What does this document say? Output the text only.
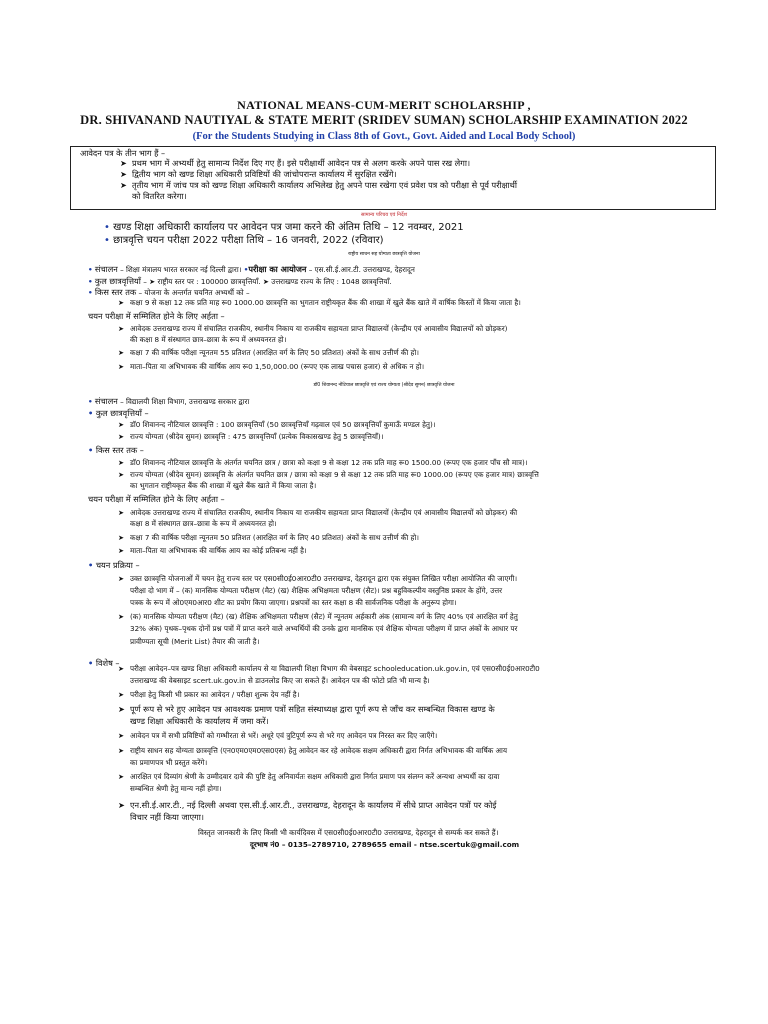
NATIONAL MEANS-CUM-MERIT SCHOLARSHIP ,
DR. SHIVANAND NAUTIYAL & STATE MERIT (SRIDEV SUMAN) SCHOLARSHIP EXAMINATION 2022
(For the Students Studying in Class 8th of Govt., Govt. Aided and Local Body School)
आवेदन पत्र के तीन भाग हैं –
➤ प्रथम भाग में अभ्यर्थी हेतु सामान्य निर्देश दिए गए हैं। इसे परीक्षार्थी आवेदन पत्र से अलग करके अपने पास रख लेगा।
➤ द्वितीय भाग को खण्ड शिक्षा अधिकारी प्रविष्टियों की जांचोपरान्त कार्यालय में सुरक्षित रखेंगे।
➤ तृतीय भाग में जांच पत्र को खण्ड शिक्षा अधिकारी कार्यालय अभिलेख हेतु अपने पास रखेगा एवं प्रवेश पत्र को परीक्षा से पूर्व परीक्षार्थी
को वितरित करेगा।
सामान्य परिचय एवं निर्देश
• खण्ड शिक्षा अधिकारी कार्यालय पर आवेदन पत्र जमा करने की अंतिम तिथि – 12 नवम्बर, 2021
• छात्रवृत्ति चयन परीक्षा 2022 परीक्षा तिथि – 16 जनवरी, 2022 (रविवार)
राष्ट्रीय साधन सह योग्यता छात्रवृत्ति योजना
• संचालन – शिक्षा मंत्रालय भारत सरकार नई दिल्ली द्वारा। •परीक्षा का आयोजन – एस.सी.ई.आर.टी. उत्तराखण्ड, देहरादून
• कुल छात्रवृत्तियाँ – ➤ राष्ट्रीय स्तर पर : 100000 छात्रवृत्तियाँ. ➤ उत्तराखण्ड राज्य के लिए : 1048 छात्रवृत्तियाँ.
• किस स्तर तक – योजना के अन्तर्गत चयनित अभ्यर्थी को –
➤ कक्षा 9 से कक्षा 12 तक प्रति माह रू0 1000.00 छात्रवृत्ति का भुगतान राष्ट्रीयकृत बैंक की शाखा में खुले बैंक खाते में वार्षिक किस्तों में किया जाता है।
चयन परीक्षा में सम्मिलित होने के लिए अर्हता –
➤ आवेदक उत्तराखण्ड राज्य में संचालित राजकीय, स्थानीय निकाय या राजकीय सहायता प्राप्त विद्यालयों (केन्द्रीय एवं आवासीय विद्यालयों को छोड़कर)
की कक्षा 8 में संस्थागत छात्र–छात्रा के रूप में अध्ययनरत हो।
➤ कक्षा 7 की वार्षिक परीक्षा न्यूनतम 55 प्रतिशत (आरक्षित वर्ग के लिए 50 प्रतिशत) अंकों के साथ उत्तीर्ण की हो।
➤ माता–पिता या अभिभावक की वार्षिक आय रू0 1,50,000.00 (रूपए एक लाख पचास हजार) से अधिक न हो।
डॉ0 शिवानन्द नौटियाल छात्रवृत्ति एवं राज्य योग्यता (श्रीदेव सुमन) छात्रवृत्ति योजना
• संचालन – विद्यालयी शिक्षा विभाग, उत्तराखण्ड सरकार द्वारा
• कुल छात्रवृत्तियाँ –
➤ डॉ0 शिवानन्द नौटियाल छात्रवृत्ति : 100 छात्रवृत्तियाँ (50 छात्रवृत्तियाँ गढ़वाल एवं 50 छात्रवृत्तियाँ कुमाऊँ मण्डल हेतु)।
➤ राज्य योग्यता (श्रीदेव सुमन) छात्रवृत्ति : 475 छात्रवृत्तियाँ (प्रत्येक विकासखण्ड हेतु 5 छात्रवृत्तियाँ)।
• किस स्तर तक –
➤ डॉ0 शिवानन्द नौटियाल छात्रवृत्ति के अंतर्गत चयनित छात्र / छात्रा को कक्षा 9 से कक्षा 12 तक प्रति माह रू0 1500.00 (रूपए एक हजार पाँच सौ मात्र)।
➤ राज्य योग्यता (श्रीदेव सुमन) छात्रवृत्ति के अंतर्गत चयनित छात्र / छात्रा को कक्षा 9 से कक्षा 12 तक प्रति माह रू0 1000.00 (रूपए एक हजार मात्र) छात्रवृत्ति
का भुगतान राष्ट्रीयकृत बैंक की शाखा में खुले बैंक खाते में किया जाता है।
चयन परीक्षा में सम्मिलित होने के लिए अर्हता –
➤ आवेदक उत्तराखण्ड राज्य में संचालित राजकीय, स्थानीय निकाय या राजकीय सहायता प्राप्त विद्यालयों (केन्द्रीय एवं आवासीय विद्यालयों को छोड़कर) की
कक्षा 8 में संस्थागत छात्र–छात्रा के रूप में अध्ययनरत हो।
➤ कक्षा 7 की वार्षिक परीक्षा न्यूनतम 50 प्रतिशत (आरक्षित वर्ग के लिए 40 प्रतिशत) अंकों के साथ उत्तीर्ण की हो।
➤ माता–पिता या अभिभावक की वार्षिक आय का कोई प्रतिबन्ध नहीं है।
• चयन प्रक्रिया –
➤ उक्त छात्रवृत्ति योजनाओं में चयन हेतु राज्य स्तर पर एस0सी0ई0आर0टी0 उत्तराखण्ड, देहरादून द्वारा एक संयुक्त लिखित परीक्षा आयोजित की जाएगी।
परीक्षा दो भाग में – (क) मानसिक योग्यता परीक्षण (मैट) (ख) शैक्षिक अभिक्षमता परीक्षण (सैट)। प्रश्न बहुविकल्पीय वस्तुनिष्ठ प्रकार के होंगे, उत्तर
पत्रक के रूप में ओ0एम0आर0 शीट का प्रयोग किया जाएगा। प्रश्नपत्रों का स्तर कक्षा 8 की सार्वजनिक परीक्षा के अनुरूप होगा।
➤ (क) मानसिक योग्यता परीक्षण (मैट) (ख) शैक्षिक अभिक्षमता परीक्षण (सैट) में न्यूनतम अर्हकारी अंक (सामान्य वर्ग के लिए 40% एवं आरक्षित वर्ग हेतु
32% अंक) पृथक–पृथक दोनों प्रश्न पत्रों में प्राप्त करने वाले अभ्यर्थियों की उनके द्वारा मानसिक एवं शैक्षिक योग्यता परीक्षण में प्राप्त अंकों के आधार पर
प्रावीण्यता सूची (Merit List) तैयार की जाती है।
• विशेष –
➤ परीक्षा आवेदन–पत्र खण्ड शिक्षा अधिकारी कार्यालय से या विद्यालयी शिक्षा विभाग की वेबसाइट schooleducation.uk.gov.in, एवं एस0सी0ई0आर0टी0
उत्तराखण्ड की वेबसाइट scert.uk.gov.in से डाउनलोड किए जा सकते हैं। आवेदन पत्र की फोटो प्रति भी मान्य है।
➤ परीक्षा हेतु किसी भी प्रकार का आवेदन / परीक्षा शुल्क देय नहीं है।
➤ पूर्ण रूप से भरे हुए आवेदन पत्र आवश्यक प्रमाण पत्रों सहित संस्थाध्यक्ष द्वारा पूर्ण रूप से जाँच कर सम्बन्धित विकास खण्ड के
खण्ड शिक्षा अधिकारी के कार्यालय में जमा करें।
➤ आवेदन पत्र में सभी प्रविष्टियों को गम्भीरता से भरें। अधूरे एवं त्रुटिपूर्ण रूप से भरे गए आवेदन पत्र निरस्त कर दिए जाएँगे।
➤ राष्ट्रीय साधन सह योग्यता छात्रवृत्ति (एन0एम0एम0एस0एस) हेतु आवेदन कर रहे आवेदक सक्षम अधिकारी द्वारा निर्गत अभिभावक की वार्षिक आय
का प्रमाणपत्र भी प्रस्तुत करेंगे।
➤ आरक्षित एवं दिव्यांग श्रेणी के उम्मीदवार दावे की पुष्टि हेतु अनिवार्यतः सक्षम अधिकारी द्वारा निर्गत प्रमाण पत्र संलग्न करें अन्यथा अभ्यर्थी का दावा
सम्बन्धित श्रेणी हेतु मान्य नहीं होगा।
➤ एन.सी.ई.आर.टी., नई दिल्ली अथवा एस.सी.ई.आर.टी., उत्तराखण्ड, देहरादून के कार्यालय में सीधे प्राप्त आवेदन पत्रों पर कोई
विचार नहीं किया जाएगा।
विस्तृत जानकारी के लिए किसी भी कार्यदिवस में एस0सी0ई0आर0टी0 उत्तराखण्ड, देहरादून से सम्पर्क कर सकते हैं।
दूरभाष नं0 – 0135–2789710, 2789655 email - ntse.scertuk@gmail.com
